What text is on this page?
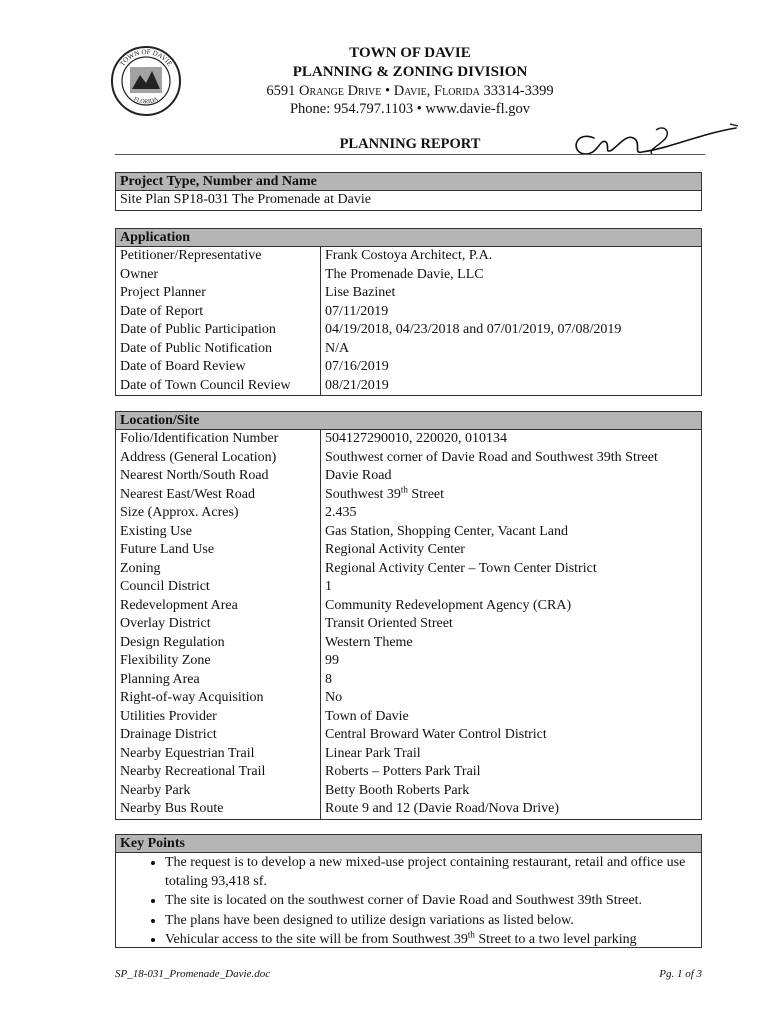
TOWN OF DAVIE
FLORIDA
TOWN OF DAVIE
PLANNING & ZONING DIVISION
6591 Orange Drive • Davie, Florida 33314-3399
Phone: 954.797.1103 • www.davie-fl.gov
PLANNING REPORT
Project Type, Number and Name
Site Plan SP18-031 The Promenade at Davie
Application	
Petitioner/Representative	Frank Costoya Architect, P.A.
Owner	The Promenade Davie, LLC
Project Planner	Lise Bazinet
Date of Report	07/11/2019
Date of Public Participation	04/19/2018, 04/23/2018 and 07/01/2019, 07/08/2019
Date of Public Notification	N/A
Date of Board Review	07/16/2019
Date of Town Council Review	08/21/2019
Location/Site	
Folio/Identification Number	504127290010, 220020, 010134
Address (General Location)	Southwest corner of Davie Road and Southwest 39th Street
Nearest North/South Road	Davie Road
Nearest East/West Road	Southwest 39th Street
Size (Approx. Acres)	2.435
Existing Use	Gas Station, Shopping Center, Vacant Land
Future Land Use	Regional Activity Center
Zoning	Regional Activity Center – Town Center District
Council District	1
Redevelopment Area	Community Redevelopment Agency (CRA)
Overlay District	Transit Oriented Street
Design Regulation	Western Theme
Flexibility Zone	99
Planning Area	8
Right-of-way Acquisition	No
Utilities Provider	Town of Davie
Drainage District	Central Broward Water Control District
Nearby Equestrian Trail	Linear Park Trail
Nearby Recreational Trail	Roberts – Potters Park Trail
Nearby Park	Betty Booth Roberts Park
Nearby Bus Route	Route 9 and 12 (Davie Road/Nova Drive)
Key Points
• The request is to develop a new mixed-use project containing restaurant, retail and office use totaling 93,418 sf.
• The site is located on the southwest corner of Davie Road and Southwest 39th Street.
• The plans have been designed to utilize design variations as listed below.
• Vehicular access to the site will be from Southwest 39th Street to a two level parking
SP_18-031_Promenade_Davie.doc	Pg. 1 of 3
